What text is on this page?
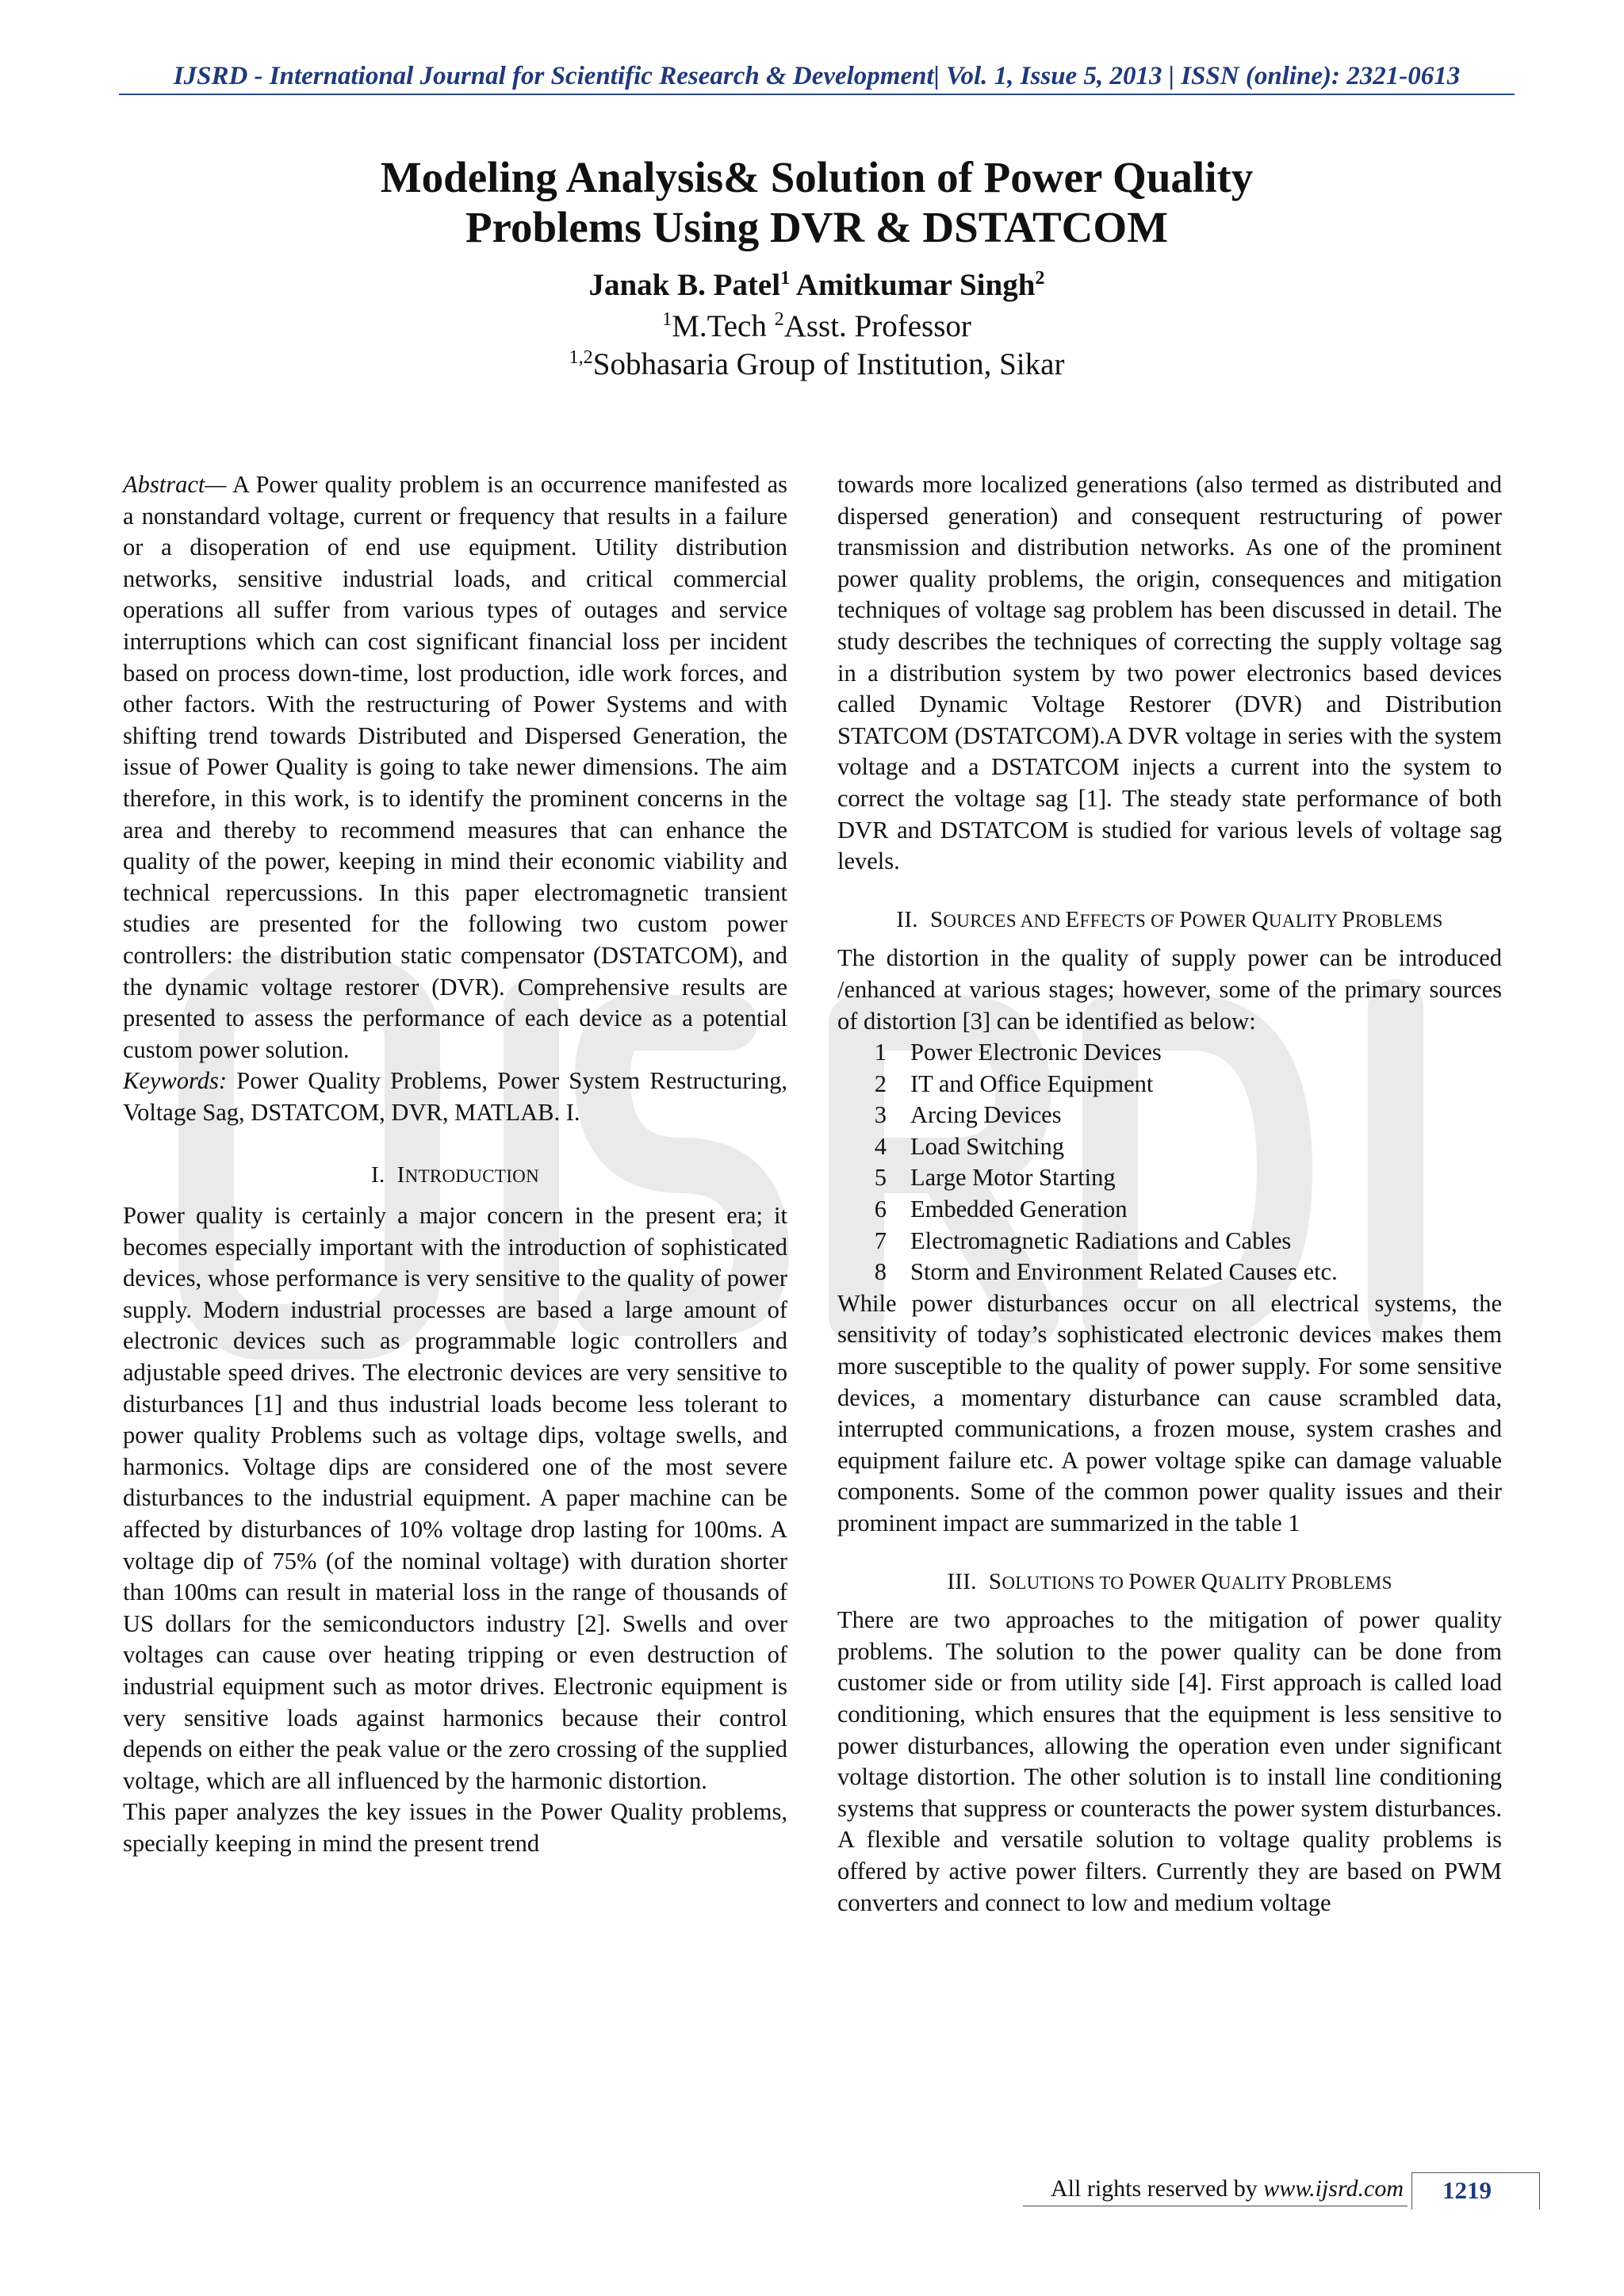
IJSRD - International Journal for Scientific Research & Development| Vol. 1, Issue 5, 2013 | ISSN (online): 2321-0613
Modeling Analysis& Solution of Power Quality
Problems Using DVR & DSTATCOM
Janak B. Patel$^1$ Amitkumar Singh$^2$
$^1$M.Tech $^2$Asst. Professor
$^{1,2}$Sobhasaria Group of Institution, Sikar

Abstract— A Power quality problem is an occurrence manifested as a nonstandard voltage, current or frequency that results in a failure or a disoperation of end use equipment. Utility distribution networks, sensitive industrial loads, and critical commercial operations all suffer from various types of outages and service interruptions which can cost significant financial loss per incident based on process down-time, lost production, idle work forces, and other factors. With the restructuring of Power Systems and with shifting trend towards Distributed and Dispersed Generation, the issue of Power Quality is going to take newer dimensions. The aim therefore, in this work, is to identify the prominent concerns in the area and thereby to recommend measures that can enhance the quality of the power, keeping in mind their economic viability and technical repercussions. In this paper electromagnetic transient studies are presented for the following two custom power controllers: the distribution static compensator (DSTATCOM), and the dynamic voltage restorer (DVR). Comprehensive results are presented to assess the performance of each device as a potential custom power solution.

Keywords: Power Quality Problems, Power System Restructuring, Voltage Sag, DSTATCOM, DVR, MATLAB. I.

I. INTRODUCTION

Power quality is certainly a major concern in the present era; it becomes especially important with the introduction of sophisticated devices, whose performance is very sensitive to the quality of power supply. Modern industrial processes are based a large amount of electronic devices such as programmable logic controllers and adjustable speed drives. The electronic devices are very sensitive to disturbances [1] and thus industrial loads become less tolerant to power quality Problems such as voltage dips, voltage swells, and harmonics. Voltage dips are considered one of the most severe disturbances to the industrial equipment. A paper machine can be affected by disturbances of 10% voltage drop lasting for 100ms. A voltage dip of 75% (of the nominal voltage) with duration shorter than 100ms can result in material loss in the range of thousands of US dollars for the semiconductors industry [2]. Swells and over voltages can cause over heating tripping or even destruction of industrial equipment such as motor drives. Electronic equipment is very sensitive loads against harmonics because their control depends on either the peak value or the zero crossing of the supplied voltage, which are all influenced by the harmonic distortion.

This paper analyzes the key issues in the Power Quality problems, specially keeping in mind the present trend

towards more localized generations (also termed as distributed and dispersed generation) and consequent restructuring of power transmission and distribution networks. As one of the prominent power quality problems, the origin, consequences and mitigation techniques of voltage sag problem has been discussed in detail. The study describes the techniques of correcting the supply voltage sag in a distribution system by two power electronics based devices called Dynamic Voltage Restorer (DVR) and Distribution STATCOM (DSTATCOM).A DVR voltage in series with the system voltage and a DSTATCOM injects a current into the system to correct the voltage sag [1]. The steady state performance of both DVR and DSTATCOM is studied for various levels of voltage sag levels.

II. SOURCES AND EFFECTS OF POWER QUALITY PROBLEMS

The distortion in the quality of supply power can be introduced /enhanced at various stages; however, some of the primary sources of distortion [3] can be identified as below:

1 Power Electronic Devices
2 IT and Office Equipment
3 Arcing Devices
4 Load Switching
5 Large Motor Starting
6 Embedded Generation
7 Electromagnetic Radiations and Cables
8 Storm and Environment Related Causes etc.

While power disturbances occur on all electrical systems, the sensitivity of today’s sophisticated electronic devices makes them more susceptible to the quality of power supply. For some sensitive devices, a momentary disturbance can cause scrambled data, interrupted communications, a frozen mouse, system crashes and equipment failure etc. A power voltage spike can damage valuable components. Some of the common power quality issues and their prominent impact are summarized in the table 1

III. SOLUTIONS TO POWER QUALITY PROBLEMS

There are two approaches to the mitigation of power quality problems. The solution to the power quality can be done from customer side or from utility side [4]. First approach is called load conditioning, which ensures that the equipment is less sensitive to power disturbances, allowing the operation even under significant voltage distortion. The other solution is to install line conditioning systems that suppress or counteracts the power system disturbances. A flexible and versatile solution to voltage quality problems is offered by active power filters. Currently they are based on PWM converters and connect to low and medium voltage

All rights reserved by www.ijsrd.com	1219
